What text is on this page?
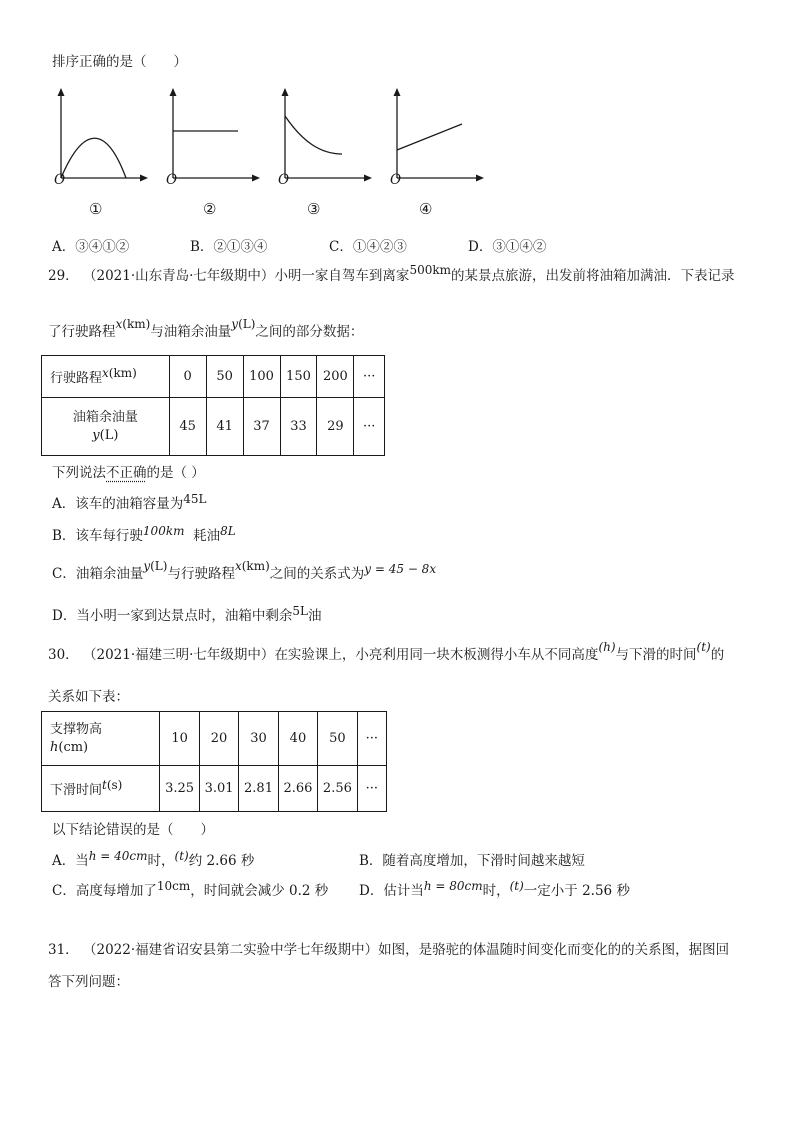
排序正确的是（　　）
O	O	O	O
①	②	③	④
A．③④①②	B．②①③④	C．①④②③	D．③①④②
29． （2021·山东青岛·七年级期中）小明一家自驾车到离家500km的某景点旅游，出发前将油箱加满油．下表记录
了行驶路程x(km)与油箱余油量y(L)之间的部分数据：
行驶路程x(km)	0	50	100	150	200	···

油箱余油量
y(L)	45	41	37	33	29	···
下列说法不正确的是（ ）
A．该车的油箱容量为45L
B．该车每行驶100km 耗油8L
C．油箱余油量y(L)与行驶路程x(km)之间的关系式为y = 45 − 8x
D．当小明一家到达景点时，油箱中剩余5L油
30． （2021·福建三明·七年级期中）在实验课上，小亮利用同一块木板测得小车从不同高度(h)与下滑的时间(t)的
关系如下表：
支撑物高
h(cm)	10	20	30	40	50	···
下滑时间t(s)	3.25	3.01	2.81	2.66	2.56	···
以下结论错误的是（　　）
A．当h = 40cm时，(t)约 2.66 秒	B．随着高度增加，下滑时间越来越短
C．高度每增加了10cm，时间就会减少 0.2 秒 D．估计当h = 80cm时，(t)一定小于 2.56 秒
31． （2022·福建省诏安县第二实验中学七年级期中）如图，是骆驼的体温随时间变化而变化的的关系图，据图回
答下列问题：
